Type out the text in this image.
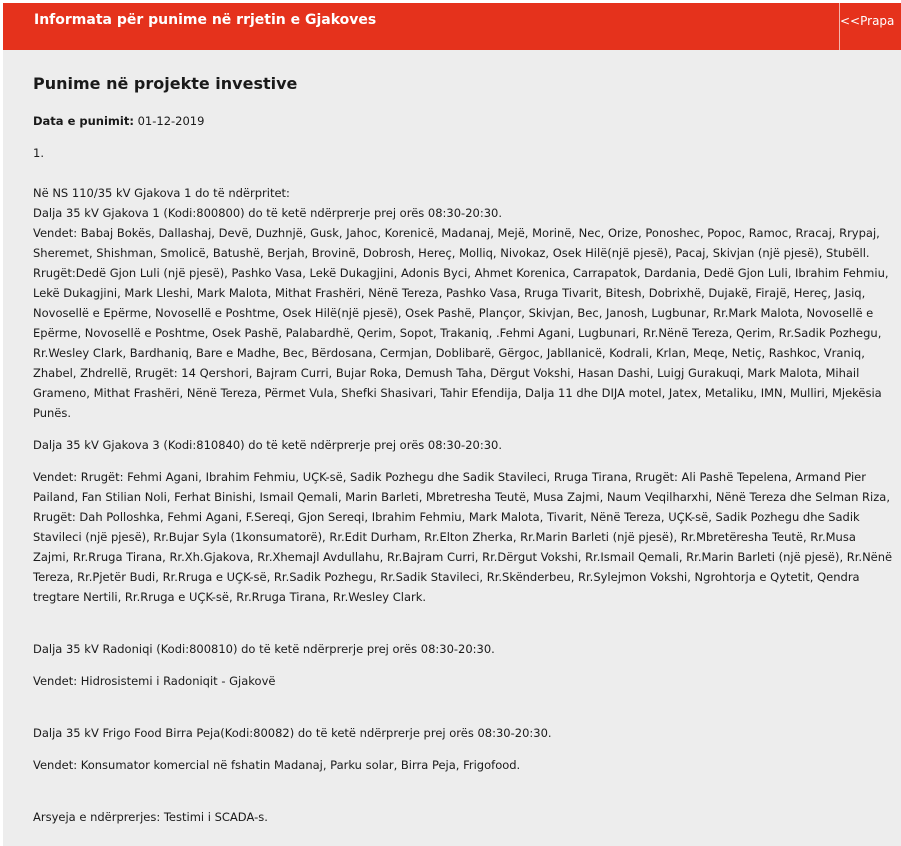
Informata për punime në rrjetin e Gjakoves	<<Prapa
Punime në projekte investive

Data e punimit: 01-12-2019

1.

Në NS 110/35 kV Gjakova 1 do të ndërpritet:

Dalja 35 kV Gjakova 1 (Kodi:800800) do të ketë ndërprerje prej orës 08:30-20:30.

Vendet: Babaj Bokës, Dallashaj, Devë, Duzhnjë, Gusk, Jahoc, Korenicë, Madanaj, Mejë, Morinë, Nec, Orize, Ponoshec, Popoc, Ramoc, Rracaj, Rrypaj, Sheremet, Shishman, Smolicë, Batushë, Berjah, Brovinë, Dobrosh, Hereç, Molliq, Nivokaz, Osek Hilë(një pjesë), Pacaj, Skivjan (një pjesë), Stubëll. Rrugët:Dedë Gjon Luli (një pjesë), Pashko Vasa, Lekë Dukagjini, Adonis Byci, Ahmet Korenica, Carrapatok, Dardania, Dedë Gjon Luli, Ibrahim Fehmiu, Lekë Dukagjini, Mark Lleshi, Mark Malota, Mithat Frashëri, Nënë Tereza, Pashko Vasa, Rruga Tivarit, Bitesh, Dobrixhë, Dujakë, Firajë, Hereç, Jasiq, Novosellë e Epërme, Novosellë e Poshtme, Osek Hilë(një pjesë), Osek Pashë, Plançor, Skivjan, Bec, Janosh, Lugbunar, Rr.Mark Malota, Novosellë e Epërme, Novosellë e Poshtme, Osek Pashë, Palabardhë, Qerim, Sopot, Trakaniq, .Fehmi Agani, Lugbunari, Rr.Nënë Tereza, Qerim, Rr.Sadik Pozhegu, Rr.Wesley Clark, Bardhaniq, Bare e Madhe, Bec, Bërdosana, Cermjan, Doblibarë, Gërgoc, Jabllanicë, Kodrali, Krlan, Meqe, Netiç, Rashkoc, Vraniq, Zhabel, Zhdrellë, Rrugët: 14 Qershori, Bajram Curri, Bujar Roka, Demush Taha, Dërgut Vokshi, Hasan Dashi, Luigj Gurakuqi, Mark Malota, Mihail Grameno, Mithat Frashëri, Nënë Tereza, Përmet Vula, Shefki Shasivari, Tahir Efendija, Dalja 11 dhe DIJA motel, Jatex, Metaliku, IMN, Mulliri, Mjekësia Punës.

Dalja 35 kV Gjakova 3 (Kodi:810840) do të ketë ndërprerje prej orës 08:30-20:30.

Vendet: Rrugët: Fehmi Agani, Ibrahim Fehmiu, UÇK-së, Sadik Pozhegu dhe Sadik Stavileci, Rruga Tirana, Rrugët: Ali Pashë Tepelena, Armand Pier Pailand, Fan Stilian Noli, Ferhat Binishi, Ismail Qemali, Marin Barleti, Mbretresha Teutë, Musa Zajmi, Naum Veqilharxhi, Nënë Tereza dhe Selman Riza, Rrugët: Dah Polloshka, Fehmi Agani, F.Sereqi, Gjon Sereqi, Ibrahim Fehmiu, Mark Malota, Tivarit, Nënë Tereza, UÇK-së, Sadik Pozhegu dhe Sadik Stavileci (një pjesë), Rr.Bujar Syla (1konsumatorë), Rr.Edit Durham, Rr.Elton Zherka, Rr.Marin Barleti (një pjesë), Rr.Mbretëresha Teutë, Rr.Musa Zajmi, Rr.Rruga Tirana, Rr.Xh.Gjakova, Rr.Xhemajl Avdullahu, Rr.Bajram Curri, Rr.Dërgut Vokshi, Rr.Ismail Qemali, Rr.Marin Barleti (një pjesë), Rr.Nënë Tereza, Rr.Pjetër Budi, Rr.Rruga e UÇK-së, Rr.Sadik Pozhegu, Rr.Sadik Stavileci, Rr.Skënderbeu, Rr.Sylejmon Vokshi, Ngrohtorja e Qytetit, Qendra tregtare Nertili, Rr.Rruga e UÇK-së, Rr.Rruga Tirana, Rr.Wesley Clark.

Dalja 35 kV Radoniqi (Kodi:800810) do të ketë ndërprerje prej orës 08:30-20:30.

Vendet: Hidrosistemi i Radoniqit - Gjakovë

Dalja 35 kV Frigo Food Birra Peja(Kodi:80082) do të ketë ndërprerje prej orës 08:30-20:30.

Vendet: Konsumator komercial në fshatin Madanaj, Parku solar, Birra Peja, Frigofood.

Arsyeja e ndërprerjes: Testimi i SCADA-s.
